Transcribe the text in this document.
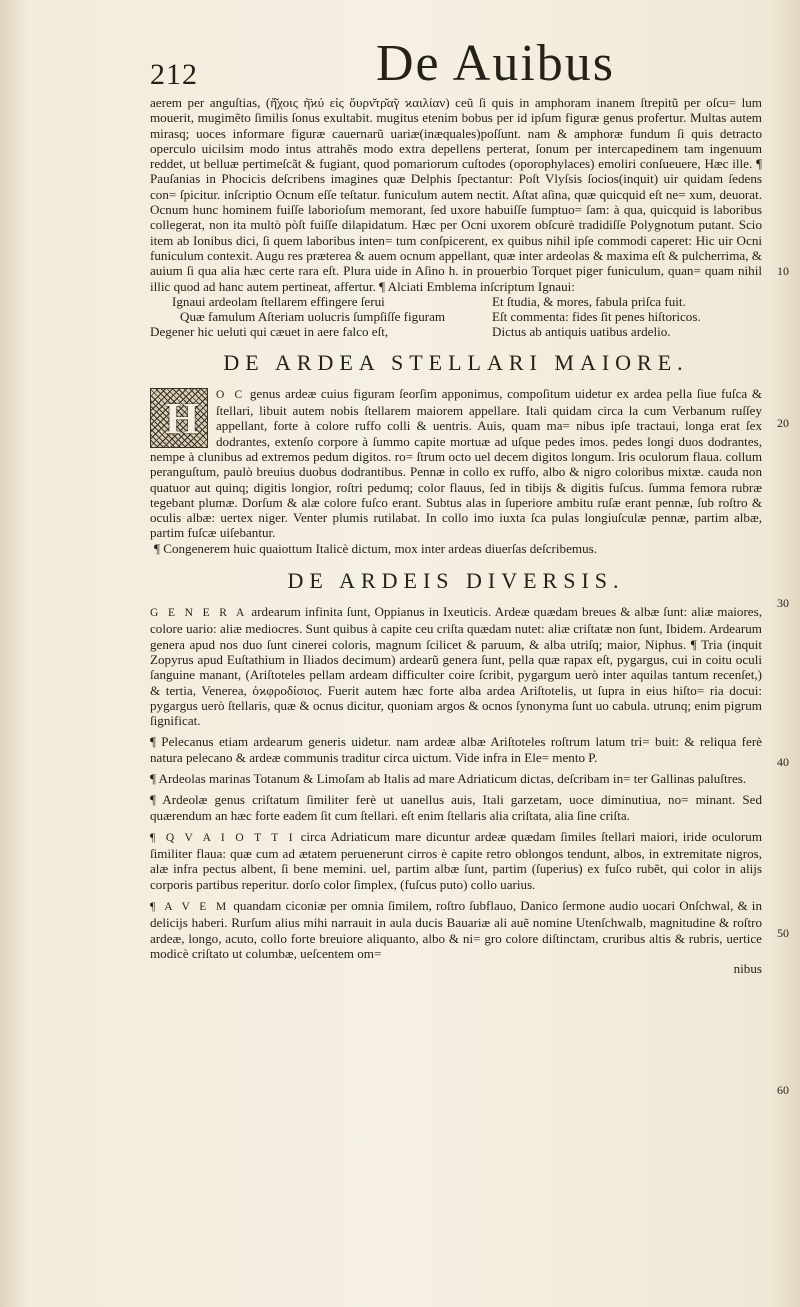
212	De Auibus
10
20
30
40
50
60

aerem per anguſtias, (ἤ̆χοις ἠ̈ϰύ εἰς ὄυρν̆τρ̆α̃γ ϰαιλίαν) ceũ ſi quis in amphoram inanem ſtrepitũ per oſcu= lum mouerit, mugimẽto ſimilis ſonus exultabit. mugitus etenim bobus per id ipſum figuræ genus profertur. Multas autem mirasq; uoces informare figuræ cauernarũ uariæ(inæquales)poſſunt. nam & amphoræ fundum ſi quis detracto operculo uicilsim modo intus attrahẽs modo extra depellens perterat, ſonum per intercapedinem tam ingenuum reddet, ut belluæ pertimeſcãt & fugiant, quod pomariorum cuſtodes (oporophylaces) emoliri conſueuere, Hæc ille. ¶ Pauſanias in Phocicis deſcribens imagines quæ Delphis ſpectantur: Poſt Vlyſsis ſocios(inquit) uir quidam ſedens con= ſpicitur. inſcriptio Ocnum eſſe teſtatur. funiculum autem nectit. Aſtat aſina, quæ quicquid eſt ne= xum, deuorat. Ocnum hunc hominem fuiſſe laborioſum memorant, ſed uxore habuiſſe ſumptuo= ſam: à qua, quicquid is laboribus collegerat, non ita multò pòſt fuiſſe dilapidatum. Hæc per Ocni uxorem obſcurè tradidiſſe Polygnotum putant. Scio item ab Ionibus dici, ſi quem laboribus inten= tum conſpicerent, ex quibus nihil ipſe commodi caperet: Hic uir Ocni funiculum contexit. Augu res præterea & auem ocnum appellant, quæ inter ardeolas & maxima eſt & pulcherrima, & auium ſi qua alia hæc certe rara eſt. Plura uide in Aſino h. in prouerbio Torquet piger funiculum, quan= quam nihil illic quod ad hanc autem pertineat, affertur. ¶ Alciati Emblema inſcriptum Ignaui:

Ignaui ardeolam ſtellarem effingere ſerui	Et ſtudia, & mores, fabula priſca fuit.
Quæ famulum Aſteriam uolucris ſumpſiſſe figuram	Eſt commenta: fides ſit penes hiſtoricos.
Degener hic ueluti qui cæuet in aere falco eſt,	Dictus ab antiquis uatibus ardelio.
DE ARDEA STELLARI MAIORE.
H	O C genus ardeæ cuius figuram ſeorſim apponimus, compoſitum uidetur ex ardea pella ſiue fuſca & ſtellari, libuit autem nobis ſtellarem maiorem appellare. Itali quidam circa la cum Verbanum ruſſey appellant, forte à colore ruffo colli & uentris. Auis, quam ma= nibus ipſe tractaui, longa erat ſex dodrantes, extenſo corpore à ſummo capite mortuæ ad uſque pedes imos. pedes longi duos dodrantes, nempe à clunibus ad extremos pedum digitos. ro= ſtrum octo uel decem digitos longum. Iris oculorum flaua. collum peranguſtum, paulò breuius duobus dodrantibus. Pennæ in collo ex ruffo, albo & nigro coloribus mixtæ. cauda non quatuor aut quinq; digitis longior, roſtri pedumq; color flauus, ſed in tibijs & digitis fuſcus. ſumma femora rubræ tegebant plumæ. Dorſum & alæ colore fuſco erant. Subtus alas in ſuperiore ambitu ruſæ erant pennæ, ſub roſtro & oculis albæ: uertex niger. Venter plumis rutilabat. In collo imo iuxta ſca pulas longiuſculæ pennæ, partim albæ, partim fuſcæ uiſebantur.

¶ Congenerem huic quaiottum Italicè dictum, mox inter ardeas diuerſas deſcribemus.

DE ARDEIS DIVERSIS.

G E N E R A ardearum infinita ſunt, Oppianus in Ixeuticis. Ardeæ quædam breues & albæ ſunt: aliæ maiores, colore uario: aliæ mediocres. Sunt quibus à capite ceu criſta quædam nutet: aliæ criſtatæ non ſunt, Ibidem. Ardearum genera apud nos duo ſunt cinerei coloris, magnum ſcilicet & paruum, & alba utriſq; maior, Niphus. ¶ Tria (inquit Zopyrus apud Euſtathium in Iliados decimum) ardearũ genera ſunt, pella quæ rapax eſt, pygargus, cui in coitu oculi ſanguine manant, (Ariſtoteles pellam ardeam difficulter coire ſcribit, pygargum uerò inter aquilas tantum recenſet,) & tertia, Venerea, ὀϰφροδίσιος. Fuerit autem hæc forte alba ardea Ariſtotelis, ut ſupra in eius hiſto= ria docui: pygargus uerò ſtellaris, quæ & ocnus dicitur, quoniam argos & ocnos ſynonyma ſunt uo cabula. utrunq; enim pigrum ſignificat.

¶ Pelecanus etiam ardearum generis uidetur. nam ardeæ albæ Ariſtoteles roſtrum latum tri= buit: & reliqua ferè natura pelecano & ardeæ communis traditur circa uictum. Vide infra in Ele= mento P.

¶ Ardeolas marinas Totanum & Limoſam ab Italis ad mare Adriaticum dictas, deſcribam in= ter Gallinas paluſtres.

¶ Ardeolæ genus criſtatum ſimiliter ferè ut uanellus auis, Itali garzetam, uoce diminutiua, no= minant. Sed quærendum an hæc forte eadem ſit cum ſtellari. eſt enim ſtellaris alia criſtata, alia ſine criſta.

¶ Q V A I O T T I circa Adriaticum mare dicuntur ardeæ quædam ſimiles ſtellari maiori, iride oculorum ſimiliter flaua: quæ cum ad ætatem peruenerunt cirros è capite retro oblongos tendunt, albos, in extremitate nigros, alæ infra pectus albent, ſi bene memini. uel, partim albæ ſunt, partim (ſuperius) ex fuſco rubẽt, qui color in alijs corporis partibus reperitur. dorſo color ſimplex, (fuſcus puto) collo uarius.

¶ A V E M quandam ciconiæ per omnia ſimilem, roſtro ſubflauo, Danico ſermone audio uocari Onſchwal, & in delicijs haberi. Rurſum alius mihi narrauit in aula ducis Bauariæ ali auẽ nomine Utenſchwalb, magnitudine & roſtro ardeæ, longo, acuto, collo forte breuiore aliquanto, albo & ni= gro colore diſtinctam, cruribus altis & rubris, uertice modicè criſtato ut columbæ, ueſcentem om=

nibus
